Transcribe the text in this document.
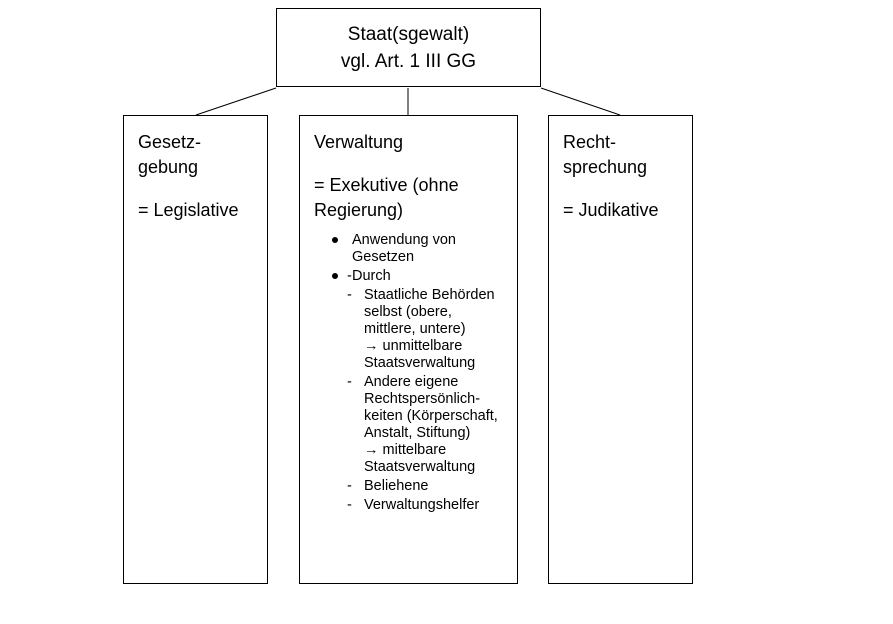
Staat(sgewalt)
vgl. Art. 1 III GG
Gesetz-
gebung
= Legislative
Verwaltung
= Exekutive (ohne
Regierung)
Anwendung von
Gesetzen
- Durch
- Staatliche Behörden
selbst (obere,
mittlere, untere)
→ unmittelbare
Staatsverwaltung
- Andere eigene
Rechtspersönlich-
keiten (Körperschaft,
Anstalt, Stiftung)
→ mittelbare
Staatsverwaltung
- Beliehene
- Verwaltungshelfer
Recht-
sprechung
= Judikative
